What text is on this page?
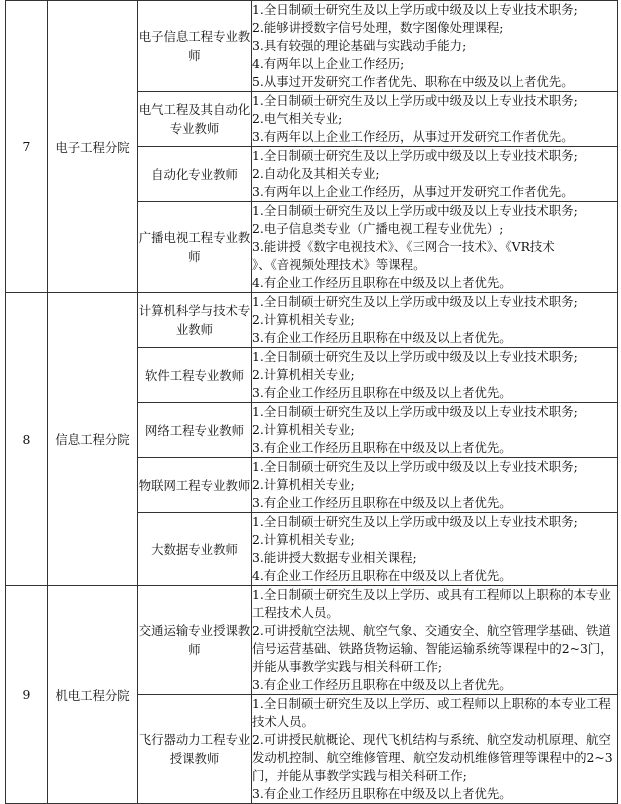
7	电子工程分院	电子信息工程专业教师	1.全日制硕士研究生及以上学历或中级及以上专业技术职务;
2.能够讲授数字信号处理，数字图像处理课程;
3.具有较强的理论基础与实践动手能力;
4.有两年以上企业工作经历;
5.从事过开发研究工作者优先、职称在中级及以上者优先。

		电气工程及其自动化专业教师	1.全日制硕士研究生及以上学历或中级及以上专业技术职务;
2.电气相关专业;
3.有两年以上企业工作经历，从事过开发研究工作者优先。

		自动化专业教师	1.全日制硕士研究生及以上学历或中级及以上专业技术职务;
2.自动化及其相关专业;
3.有两年以上企业工作经历，从事过开发研究工作者优先。

		广播电视工程专业教师	1.全日制硕士研究生及以上学历或中级及以上专业技术职务;
2.电子信息类专业（广播电视工程专业优先）;
3.能讲授《数字电视技术》、《三网合一技术》、《VR技术
》、《音视频处理技术》等课程。
4.有企业工作经历且职称在中级及以上者优先。

8	信息工程分院	计算机科学与技术专业教师	1.全日制硕士研究生及以上学历或中级及以上专业技术职务;
2.计算机相关专业;
3.有企业工作经历且职称在中级及以上者优先。

		软件工程专业教师	1.全日制硕士研究生及以上学历或中级及以上专业技术职务;
2.计算机相关专业;
3.有企业工作经历且职称在中级及以上者优先。

		网络工程专业教师	1.全日制硕士研究生及以上学历或中级及以上专业技术职务;
2.计算机相关专业;
3.有企业工作经历且职称在中级及以上者优先。

		物联网工程专业教师	1.全日制硕士研究生及以上学历或中级及以上专业技术职务;
2.计算机相关专业;
3.有企业工作经历且职称在中级及以上者优先。

		大数据专业教师	1.全日制硕士研究生及以上学历或中级及以上专业技术职务;
2.计算机相关专业;
3.能讲授大数据专业相关课程;
4.有企业工作经历且职称在中级及以上者优先。

9	机电工程分院	交通运输专业授课教师	1.全日制硕士研究生及以上学历、或具有工程师以上职称的本专业工程技术人员。
2.可讲授航空法规、航空气象、交通安全、航空管理学基础、铁道信号运营基础、铁路货物运输、智能运输系统等课程中的2~3门，并能从事教学实践与相关科研工作;
3.有企业工作经历且职称在中级及以上者优先。

		飞行器动力工程专业授课教师	1.全日制硕士研究生及以上学历、或工程师以上职称的本专业工程技术人员。
2.可讲授民航概论、现代飞机结构与系统、航空发动机原理、航空发动机控制、航空维修管理、航空发动机维修管理等课程中的2~3门，并能从事教学实践与相关科研工作;
3.有企业工作经历且职称在中级及以上者优先。
